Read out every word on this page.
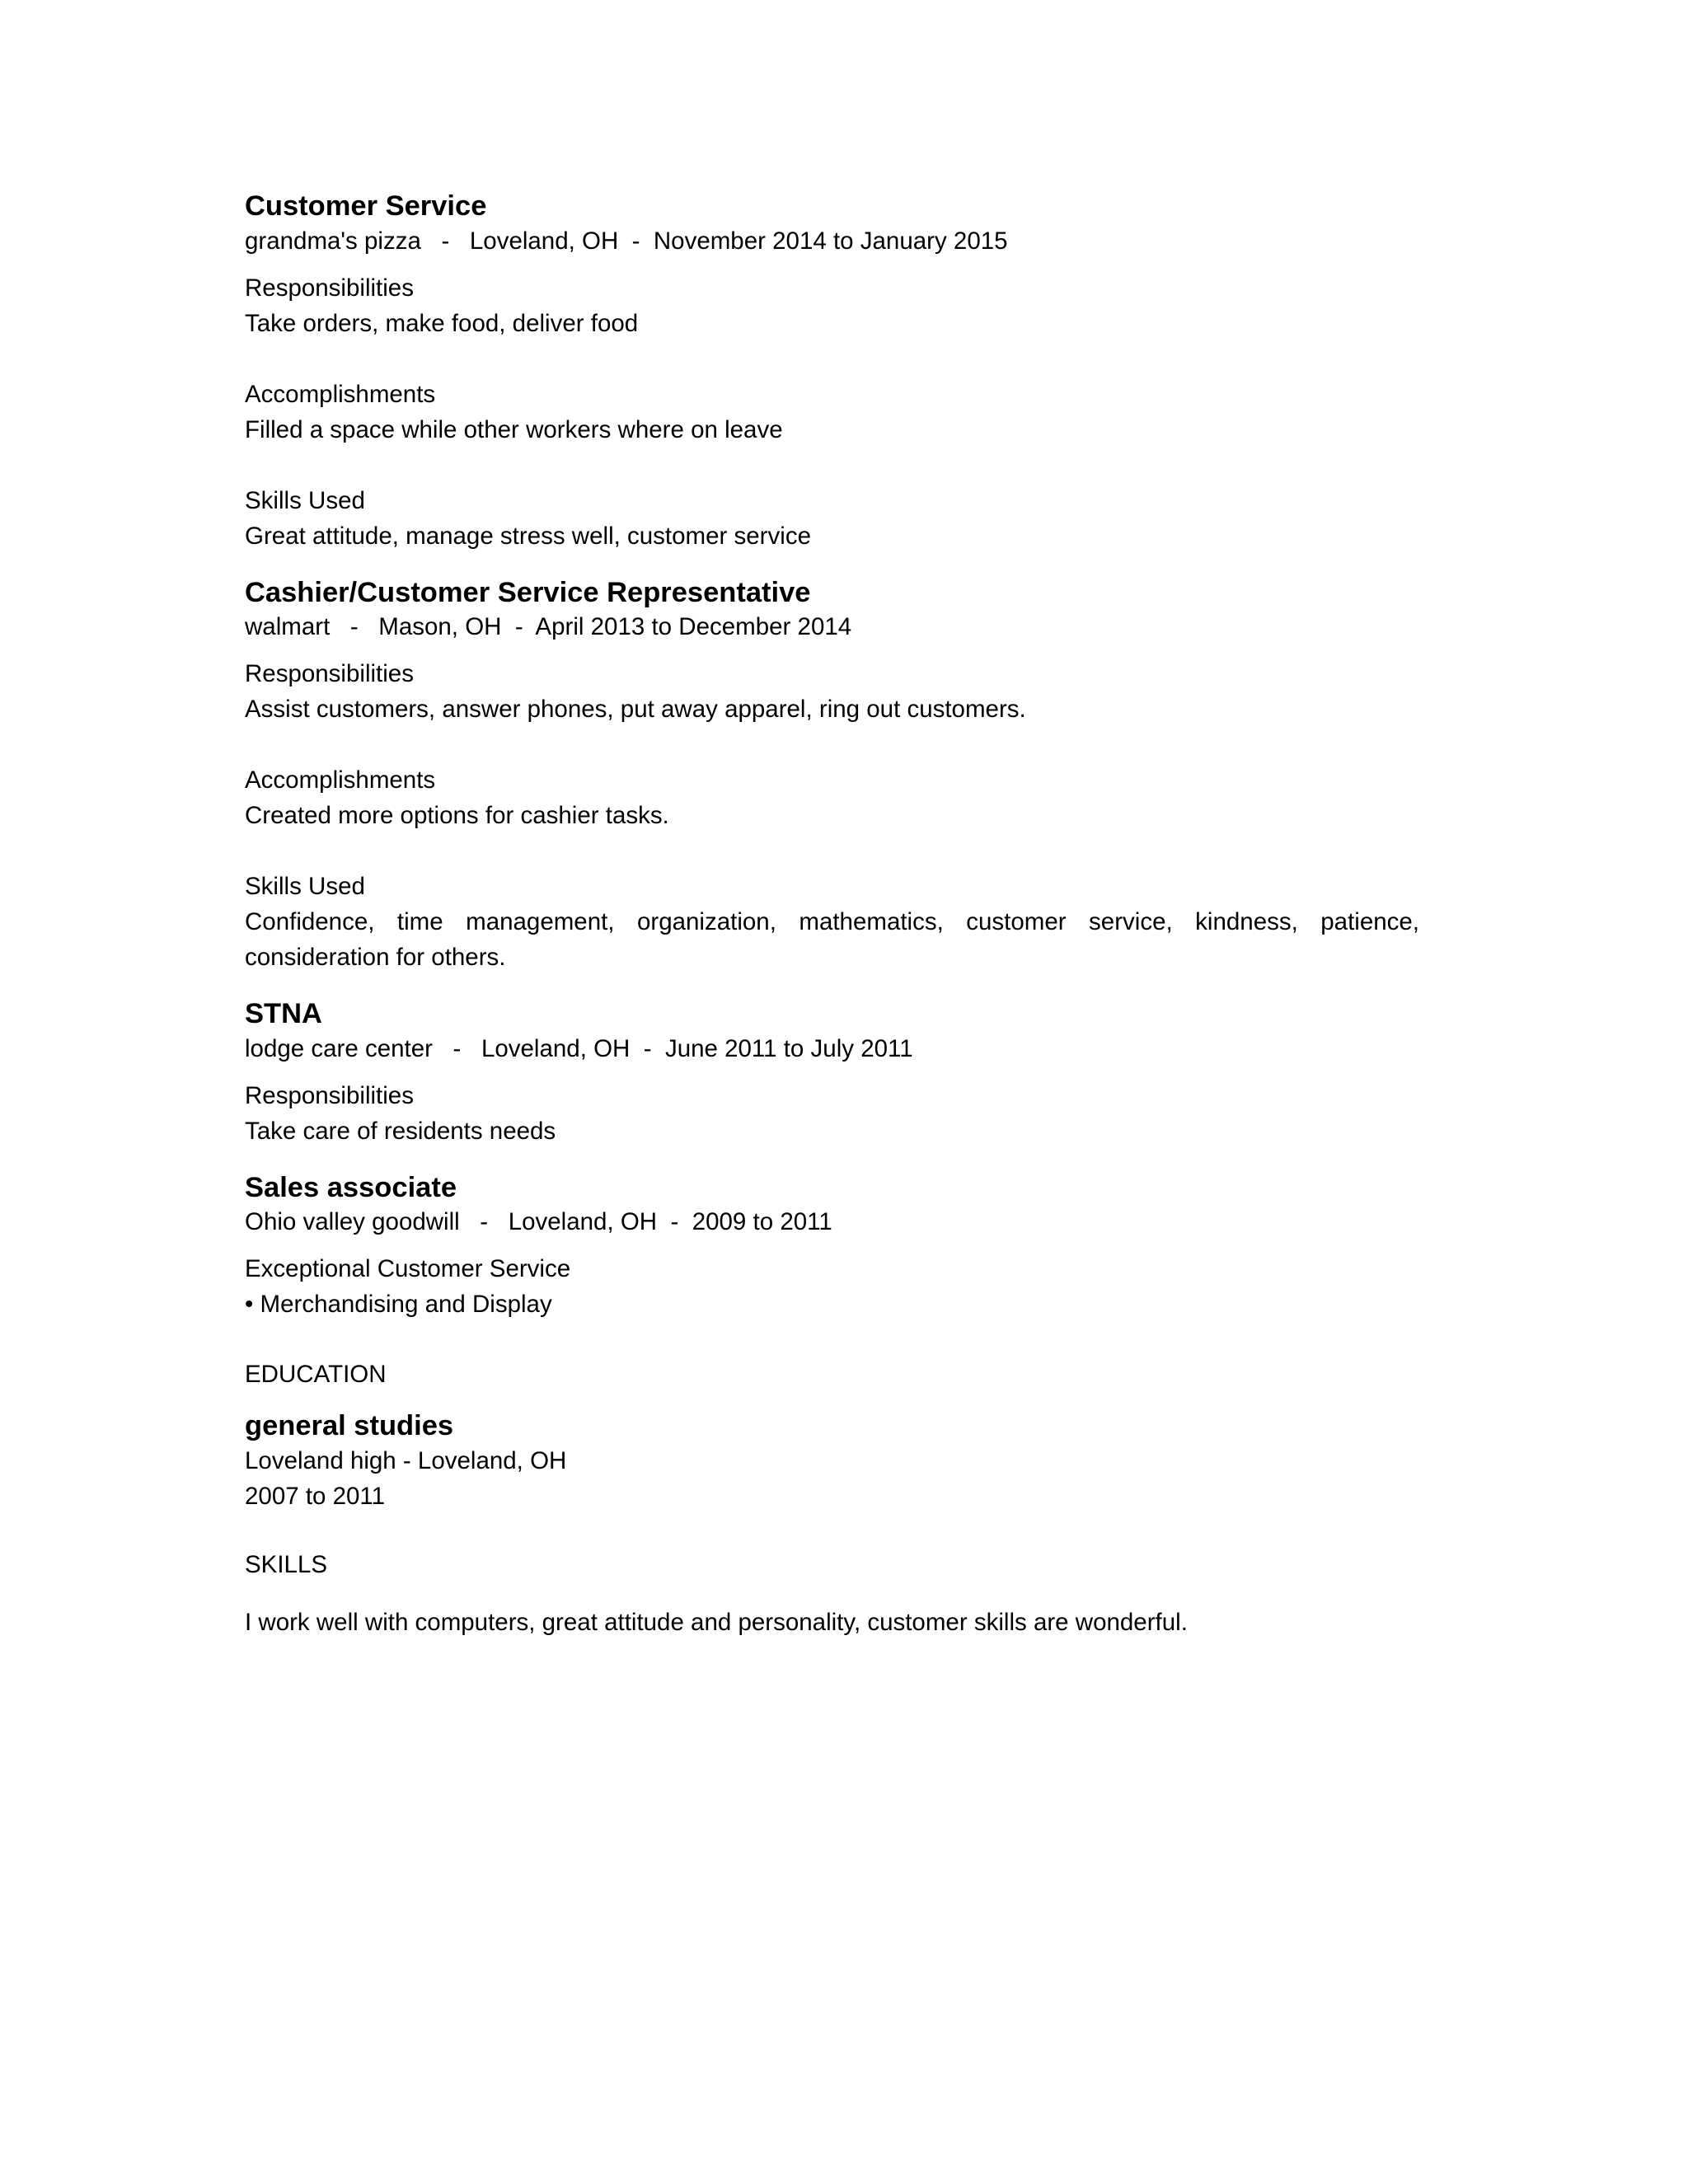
Customer Service

grandma's pizza   -   Loveland, OH  -  November 2014 to January 2015

Responsibilities

Take orders, make food, deliver food

Accomplishments

Filled a space while other workers where on leave

Skills Used

Great attitude, manage stress well, customer service

Cashier/Customer Service Representative

walmart   -   Mason, OH  -  April 2013 to December 2014

Responsibilities

Assist customers, answer phones, put away apparel, ring out customers.

Accomplishments

Created more options for cashier tasks.

Skills Used

Confidence, time management, organization, mathematics, customer service, kindness, patience, consideration for others.

STNA

lodge care center   -   Loveland, OH  -  June 2011 to July 2011

Responsibilities

Take care of residents needs

Sales associate

Ohio valley goodwill   -   Loveland, OH  -  2009 to 2011

Exceptional Customer Service

• Merchandising and Display

EDUCATION

general studies

Loveland high - Loveland, OH

2007 to 2011

SKILLS

I work well with computers, great attitude and personality, customer skills are wonderful.
